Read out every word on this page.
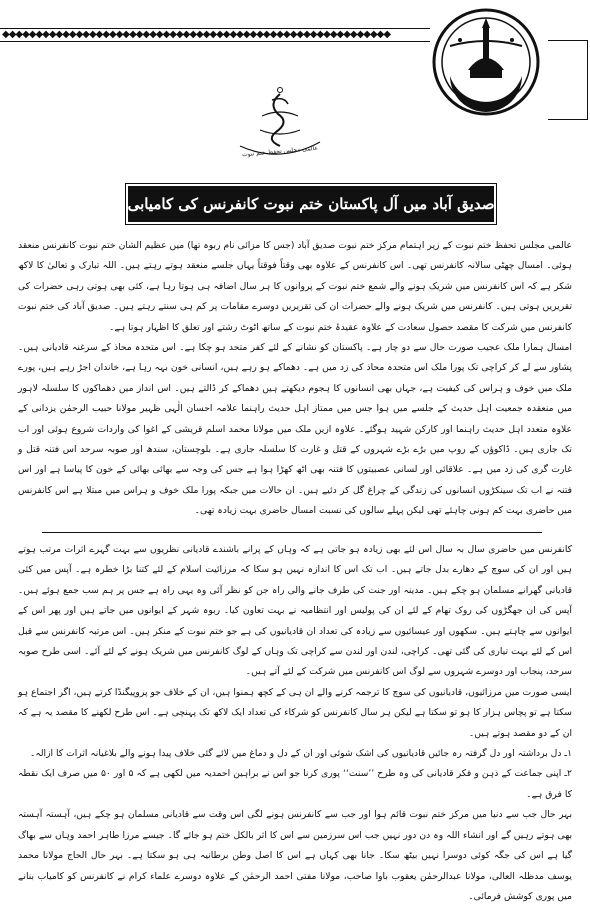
◆◆◆◆◆◆◆◆◆◆◆◆◆◆◆◆◆◆◆◆◆◆◆◆◆◆◆◆◆◆◆◆◆◆◆◆◆◆◆◆◆◆◆◆◆◆◆◆◆◆◆◆◆◆◆◆◆◆
عالمی مجلس تحفظ ختم نبوت
صدیق آباد میں آل پاکستان ختم نبوت کانفرنس کی کامیابی

عالمی مجلس تحفظ ختم نبوت کے زیر اہتمام مرکز ختم نبوت صدیق آباد (جس کا مزائی نام ربوہ تھا) میں عظیم الشان ختم نبوت کانفرنس منعقد ہوئی۔ امسال چھٹی سالانہ کانفرنس تھی۔ اس کانفرنس کے علاوہ بھی وقتاً فوقتاً یہاں جلسے منعقد ہوتے رہتے ہیں۔ اللہ تبارک و تعالیٰ کا لاکھ شکر ہے کہ اس کانفرنس میں شریک ہونے والے شمع ختم نبوت کے پروانوں کا ہر سال اضافہ ہی ہوتا رہا ہے، کئی بھی ہوتی رہی حضرات کی تقریریں ہوتی ہیں۔ کانفرنس میں شریک ہونے والے حضرات ان کی تقریریں دوسرے مقامات پر کم ہی سنتے رہتے ہیں۔ صدیق آباد کی ختم نبوت کانفرنس میں شرکت کا مقصد حصول سعادت کے علاوہ عقیدۂ ختم نبوت کے ساتھ اٹوٹ رشتے اور تعلق کا اظہار ہوتا ہے۔

امسال ہمارا ملک عجیب صورت حال سے دو چار ہے۔ پاکستان کو نشانے کے لئے کفر متحد ہو چکا ہے۔ اس متحدہ محاذ کے سرغنہ قادیانی ہیں۔ پشاور سے لے کر کراچی تک پورا ملک اس متحدہ محاذ کی زد میں ہے۔ دھماکے ہو رہے ہیں، انسانی خون بہہ رہا ہے، خاندان اجڑ رہے ہیں، پورے ملک میں خوف و ہراس کی کیفیت ہے، جہاں بھی انسانوں کا ہجوم دیکھتے ہیں دھماکے کر ڈالتے ہیں۔ اس انداز میں دھماکوں کا سلسلہ لاہور میں منعقدہ جمعیت اہل حدیث کے جلسے میں ہوا جس میں ممتاز اہل حدیث راہنما علامہ احسان الٰہی ظہیر مولانا حبیب الرحمٰن یزدانی کے علاوہ متعدد اہل حدیث راہنما اور کارکن شہید ہوگئے۔ علاوہ ازیں ملک میں مولانا محمد اسلم قریشی کے اغوا کی واردات شروع ہوئی اور اب تک جاری ہیں۔ ڈاکوؤں کے روپ میں بڑے بڑے شہروں کے قتل و غارت کا سلسلہ جاری ہے۔ بلوچستان، سندھ اور صوبہ سرحد اس فتنہ قتل و غارت گری کی زد میں ہے۔ علاقائی اور لسانی عصبیتوں کا فتنہ بھی اٹھ کھڑا ہوا ہے جس کی وجہ سے بھائی بھائی کے خون کا پیاسا ہے اور اس فتنہ نے اب تک سینکڑوں انسانوں کی زندگی کے چراغ گل کر دئیے ہیں۔ ان حالات میں جبکہ پورا ملک خوف و ہراس میں مبتلا ہے اس کانفرنس میں حاضری بہت کم ہونی چاہئے تھی لیکن پہلے سالوں کی نسبت امسال حاضری بہت زیادہ تھی۔

کانفرنس میں حاضری سال بہ سال اس لئے بھی زیادہ ہو جاتی ہے کہ وہاں کے پرانے باشندے قادیانی نظریوں سے بہت گہرے اثرات مرتب ہوتے ہیں اور ان کی سوچ کے دھارے بدل جاتے ہیں۔ اب تک اس کا اندازہ نہیں ہو سکا کہ مرزائیت اسلام کے لئے کتنا بڑا خطرہ ہے۔ آپس میں کئی قادیانی گھرانے مسلمان ہو چکے ہیں۔ مدینہ اور جنت کی طرف جانے والی راہ جن کو نظر آئی وہ یہی راہ ہے جس پر ہم سب جمع ہوئے ہیں۔ آپس کی ان جھگڑوں کی روک تھام کے لئے ان کی پولیس اور انتظامیہ نے بہت تعاون کیا۔ ربوہ شہر کے ایوانوں میں جاتے ہیں اور پھر اس کے ایوانوں سے چاہتے ہیں۔ سکھوں اور عیسائیوں سے زیادہ کی تعداد ان قادیانیوں کی ہے جو ختم نبوت کے منکر ہیں۔ اس مرتبہ کانفرنس سے قبل اس کے لئے بہت تیاری کی گئی تھی۔ کراچی، لندن اور لندن سے کراچی تک وہاں کے لوگ کانفرنس میں شریک ہونے کے لئے آئے۔ اسی طرح صوبہ سرحد، پنجاب اور دوسرے شہروں سے لوگ اس کانفرنس میں شرکت کے لئے آتے ہیں۔

ایسی صورت میں مرزائیوں، قادیانیوں کی سوچ کا ترجمہ کرنے والے ان ہی کے کچھ ہمنوا ہیں، ان کے خلاف جو پروپیگنڈا کرتے ہیں، اگر اجتماع ہو سکتا ہے تو پچاس ہزار کا ہو تو سکتا ہے لیکن ہر سال کانفرنس کو شرکاء کی تعداد ایک لاکھ تک پہنچی ہے۔ اس طرح لکھنے کا مقصد یہ ہے کہ ان کے دو مقصد ہوتے ہیں۔

۱ـ دل برداشتہ اور دل گرفتہ رہ جائیں قادیانیوں کی اشک شوئی اور ان کے دل و دماغ میں لائے گئی خلاف پیدا ہونے والے بلاغیانہ اثرات کا ازالہ۔

۲ـ اپنی جماعت کے ذہن و فکر قادیانی کی وہ طرح ’’سنت‘‘ پوری کرنا جو اس نے براہین احمدیہ میں لکھی ہے کہ ۵ اور ۵۰ میں صرف ایک نقطہ کا فرق ہے۔

بہر حال جب سے دنیا میں مرکز ختم نبوت قائم ہوا اور جب سے کانفرنس ہونے لگی اس وقت سے قادیانی مسلمان ہو چکے ہیں، آہستہ آہستہ بھی ہوتے رہیں گے اور انشاء اللہ وہ دن دور نہیں جب اس سرزمین سے اس کا اثر بالکل ختم ہو جائے گا۔ جیسے مرزا طاہر احمد وہاں سے بھاگ گیا ہے اس کی جگہ کوئی دوسرا نہیں بیٹھ سکا۔ جانا بھی کہاں ہے اس کا اصل وطن برطانیہ ہی ہو سکتا ہے۔ بہر حال الحاج مولانا محمد یوسف مدظلہ العالی، مولانا عبدالرحمٰن یعقوب باوا صاحب، مولانا مفتی احمد الرحمٰن کے علاوہ دوسرے علماء کرام نے کانفرنس کو کامیاب بنانے میں پوری کوشش فرمائی۔
